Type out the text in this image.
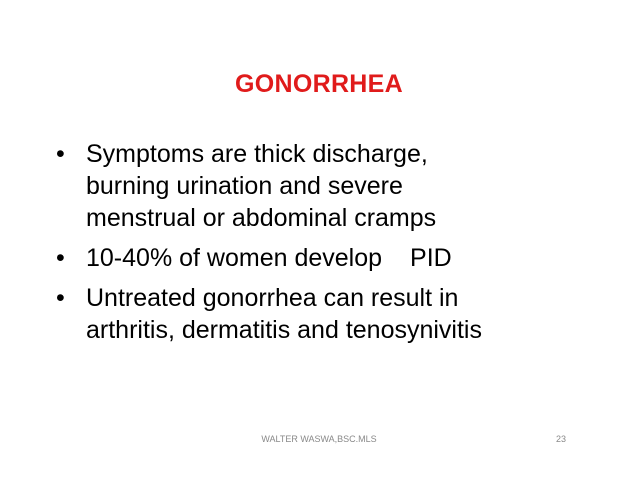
GONORRHEA
• Symptoms are thick discharge,
burning urination and severe
menstrual or abdominal cramps
• 10-40% of women develop PID
• Untreated gonorrhea can result in
arthritis, dermatitis and tenosynivitis
WALTER WASWA,BSC.MLS	23
